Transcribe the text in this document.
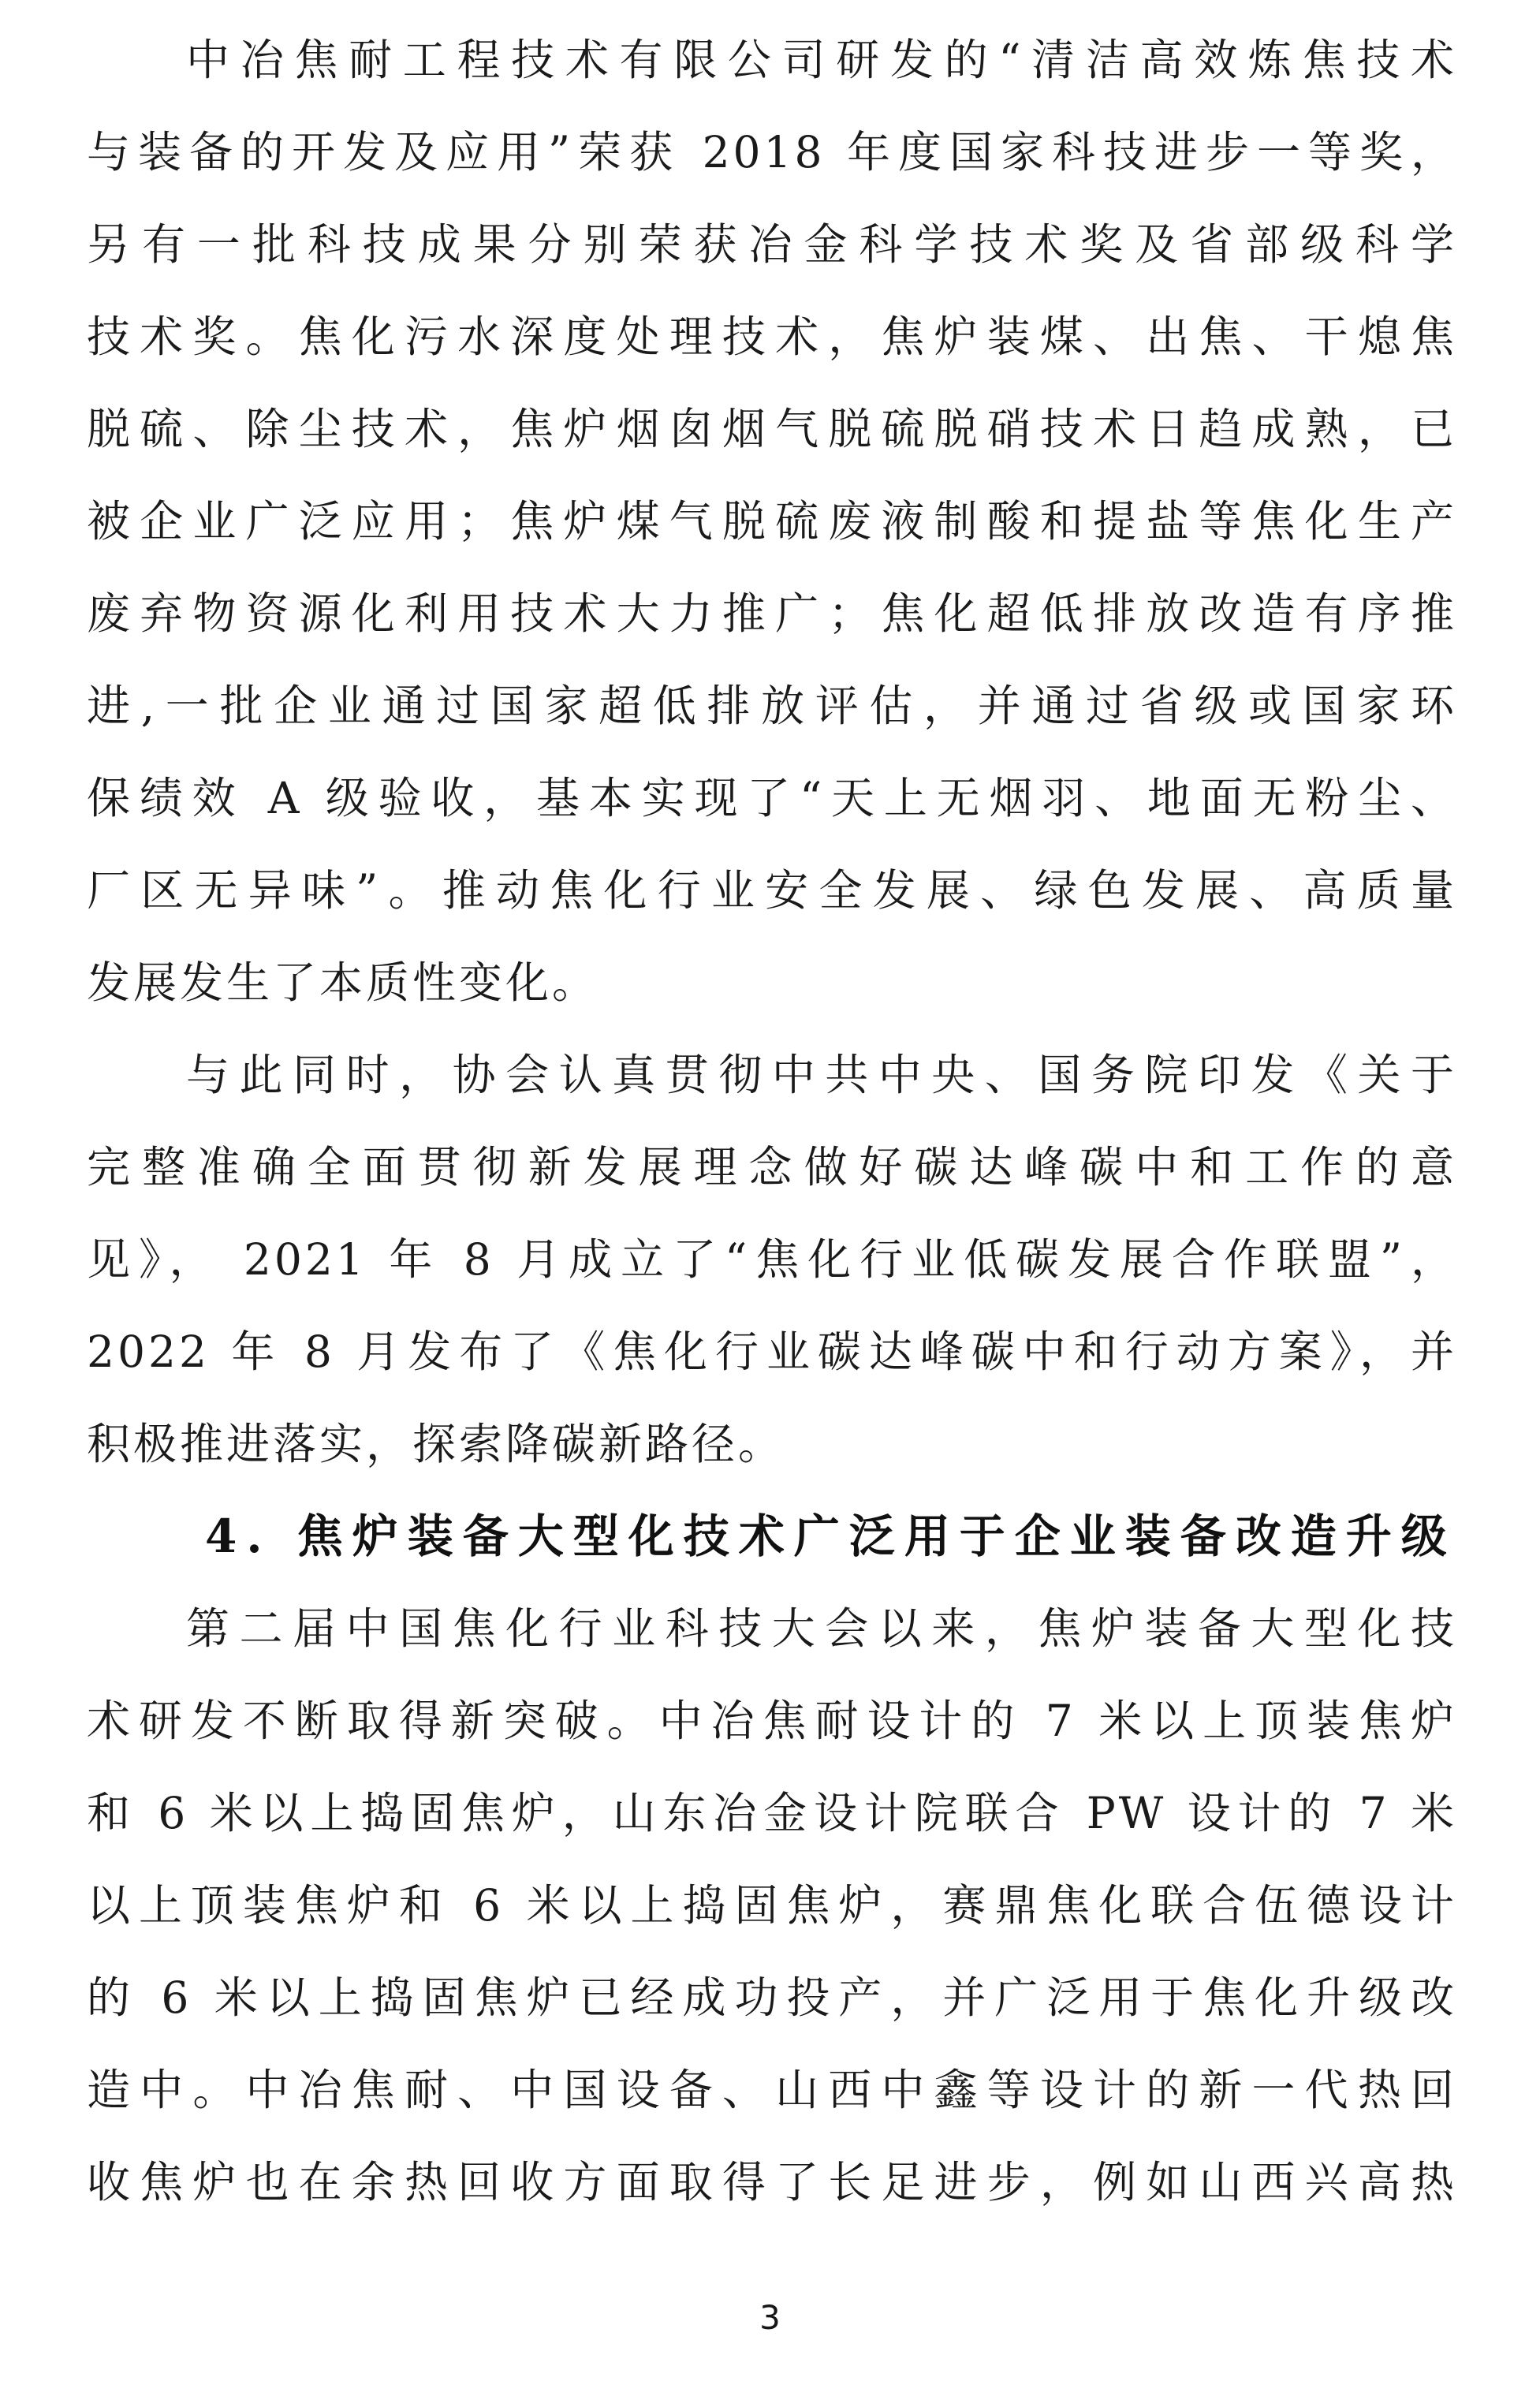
中冶焦耐工程技术有限公司研发的“清洁高效炼焦技术
与装备的开发及应用”荣获 2018 年度国家科技进步一等奖，
另有一批科技成果分别荣获冶金科学技术奖及省部级科学
技术奖。焦化污水深度处理技术，焦炉装煤、出焦、干熄焦
脱硫、除尘技术，焦炉烟囱烟气脱硫脱硝技术日趋成熟，已
被企业广泛应用；焦炉煤气脱硫废液制酸和提盐等焦化生产
废弃物资源化利用技术大力推广；焦化超低排放改造有序推
进,一批企业通过国家超低排放评估，并通过省级或国家环
保绩效 A 级验收，基本实现了“天上无烟羽、地面无粉尘、
厂区无异味”。推动焦化行业安全发展、绿色发展、高质量
发展发生了本质性变化。
与此同时，协会认真贯彻中共中央、国务院印发《关于
完整准确全面贯彻新发展理念做好碳达峰碳中和工作的意
见》， 2021 年 8 月成立了“焦化行业低碳发展合作联盟”，
2022 年 8 月发布了《焦化行业碳达峰碳中和行动方案》，并
积极推进落实，探索降碳新路径。
4. 焦炉装备大型化技术广泛用于企业装备改造升级
第二届中国焦化行业科技大会以来，焦炉装备大型化技
术研发不断取得新突破。中冶焦耐设计的 7 米以上顶装焦炉
和 6 米以上捣固焦炉，山东冶金设计院联合 PW 设计的 7 米
以上顶装焦炉和 6 米以上捣固焦炉，赛鼎焦化联合伍德设计
的 6 米以上捣固焦炉已经成功投产，并广泛用于焦化升级改
造中。中冶焦耐、中国设备、山西中鑫等设计的新一代热回
收焦炉也在余热回收方面取得了长足进步，例如山西兴高热
3
